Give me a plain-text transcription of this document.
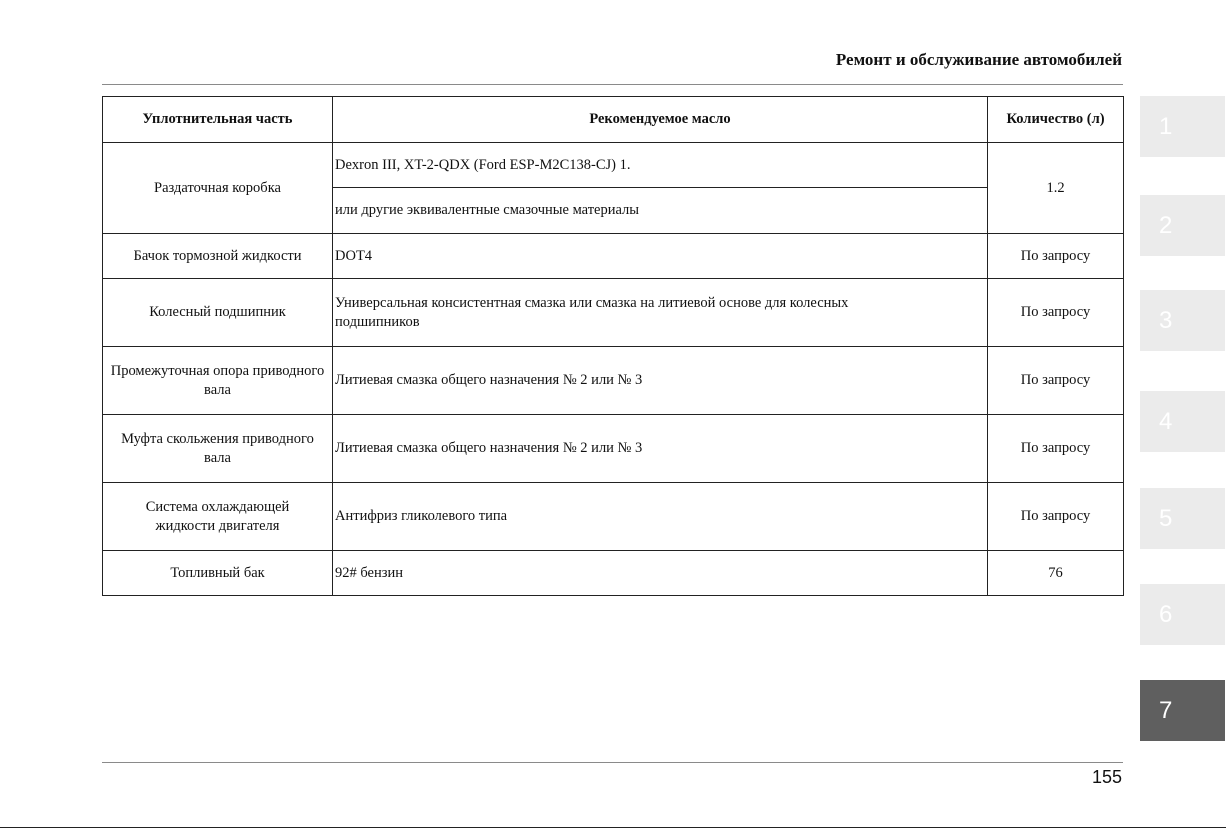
Ремонт и обслуживание автомобилей
Уплотнительная часть	Рекомендуемое масло	Количество (л)
Раздаточная коробка	Dexron III, XT-2-QDX (Ford ESP-M2C138-CJ) 1.	1.2
	или другие эквивалентные смазочные материалы	
Бачок тормозной жидкости	DOT4	По запросу
Колесный подшипник	Универсальная консистентная смазка или смазка на литиевой основе для колесных подшипников	По запросу
Промежуточная опора приводного вала	Литиевая смазка общего назначения № 2 или № 3	По запросу
Муфта скольжения приводного вала	Литиевая смазка общего назначения № 2 или № 3	По запросу
Система охлаждающей жидкости двигателя	Антифриз гликолевого типа	По запросу
Топливный бак	92# бензин	76
155
1
2
3
4
5
6
7
